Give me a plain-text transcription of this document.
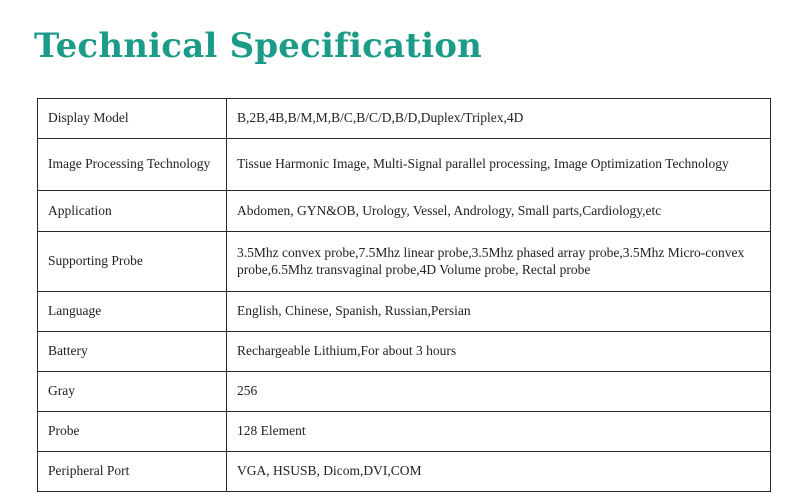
Technical Specification
Display Model	B,2B,4B,B/M,M,B/C,B/C/D,B/D,Duplex/Triplex,4D
Image Processing Technology	Tissue Harmonic Image, Multi-Signal parallel processing, Image Optimization Technology
Application	Abdomen, GYN&OB, Urology, Vessel, Andrology, Small parts,Cardiology,etc
Supporting Probe	3.5Mhz convex probe,7.5Mhz linear probe,3.5Mhz phased array probe,3.5Mhz Micro-convex probe,6.5Mhz transvaginal probe,4D Volume probe, Rectal probe
Language	English, Chinese, Spanish, Russian,Persian
Battery	Rechargeable Lithium,For about 3 hours
Gray	256
Probe	128 Element
Peripheral Port	VGA, HSUSB, Dicom,DVI,COM
